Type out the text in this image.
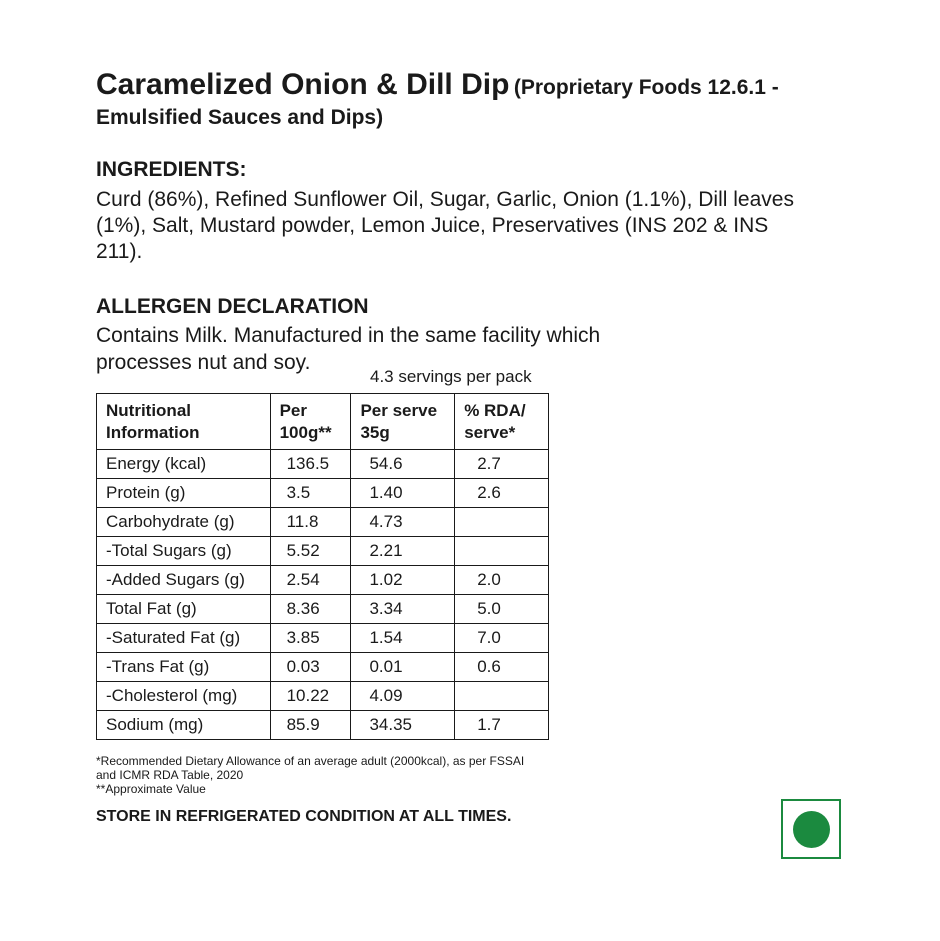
Caramelized Onion & Dill Dip (Proprietary Foods 12.6.1 -
Emulsified Sauces and Dips)
INGREDIENTS:
Curd (86%), Refined Sunflower Oil, Sugar, Garlic, Onion (1.1%), Dill leaves (1%), Salt, Mustard powder, Lemon Juice, Preservatives (INS 202 & INS 211).
ALLERGEN DECLARATION
Contains Milk. Manufactured in the same facility which processes nut and soy.
4.3 servings per pack
Nutritional Information	Per 100g**	Per serve 35g	% RDA/ serve*
Energy (kcal)	136.5	54.6	2.7
Protein (g)	3.5	1.40	2.6
Carbohydrate (g)	11.8	4.73	
-Total Sugars (g)	5.52	2.21	
-Added Sugars (g)	2.54	1.02	2.0
Total Fat (g)	8.36	3.34	5.0
-Saturated Fat (g)	3.85	1.54	7.0
-Trans Fat (g)	0.03	0.01	0.6
-Cholesterol (mg)	10.22	4.09	
Sodium (mg)	85.9	34.35	1.7
*Recommended Dietary Allowance of an average adult (2000kcal), as per FSSAI
and ICMR RDA Table, 2020
**Approximate Value
STORE IN REFRIGERATED CONDITION AT ALL TIMES.
